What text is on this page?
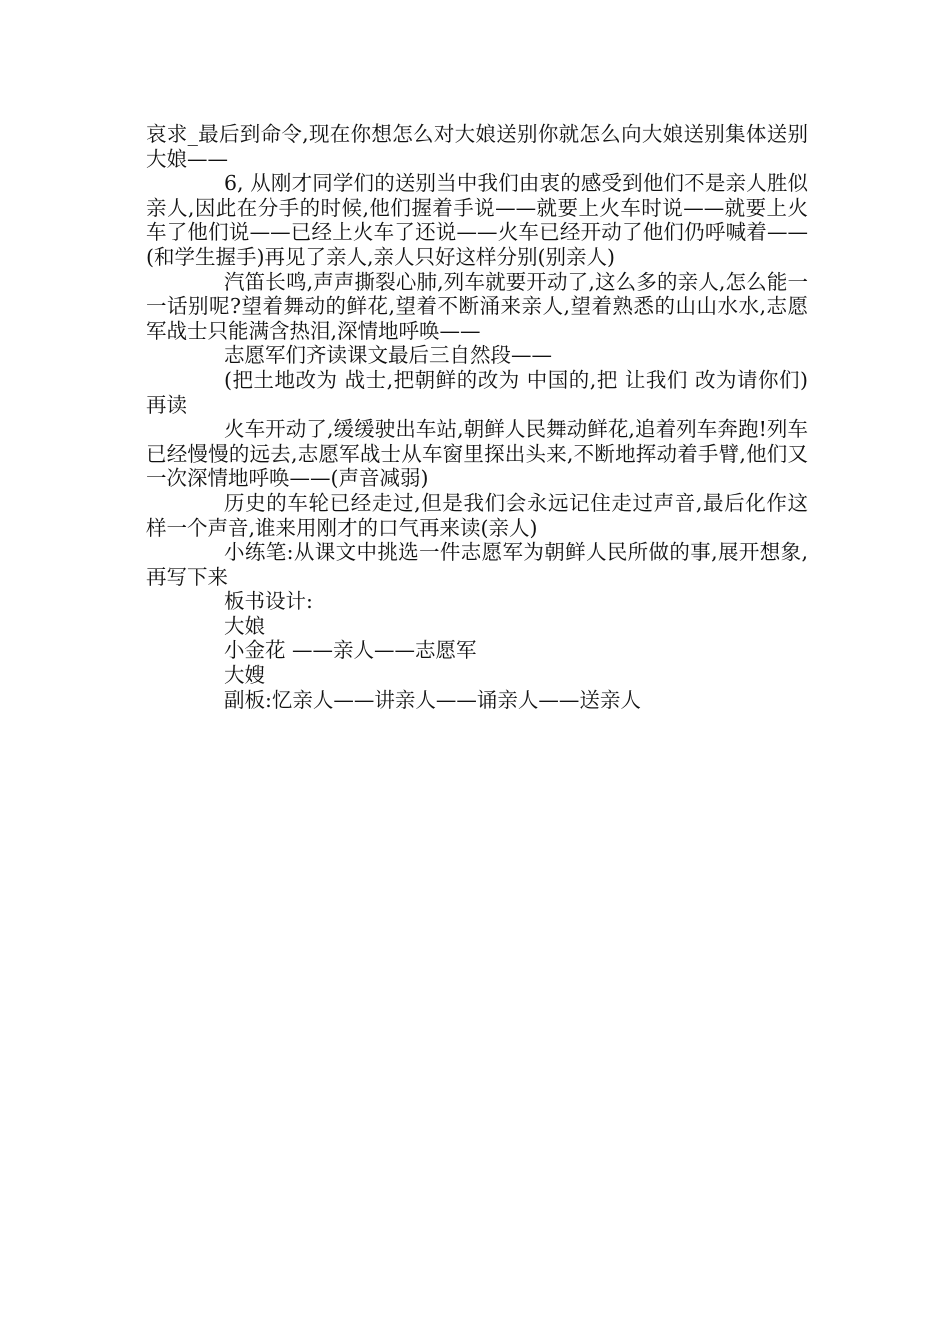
哀求_最后到命令,现在你想怎么对大娘送别你就怎么向大娘送别集体送别大娘——

6, 从刚才同学们的送别当中我们由衷的感受到他们不是亲人胜似亲人,因此在分手的时候,他们握着手说——就要上火车时说——就要上火车了他们说——已经上火车了还说——火车已经开动了他们仍呼喊着——(和学生握手)再见了亲人,亲人只好这样分别(别亲人)

汽笛长鸣,声声撕裂心肺,列车就要开动了,这么多的亲人,怎么能一一话别呢?望着舞动的鲜花,望着不断涌来亲人,望着熟悉的山山水水,志愿军战士只能满含热泪,深情地呼唤——

志愿军们齐读课文最后三自然段——

(把土地改为 战士,把朝鲜的改为 中国的,把 让我们 改为请你们)再读

火车开动了,缓缓驶出车站,朝鲜人民舞动鲜花,追着列车奔跑!列车已经慢慢的远去,志愿军战士从车窗里探出头来,不断地挥动着手臂,他们又一次深情地呼唤——(声音减弱)

历史的车轮已经走过,但是我们会永远记住走过声音,最后化作这样一个声音,谁来用刚才的口气再来读(亲人)

小练笔:从课文中挑选一件志愿军为朝鲜人民所做的事,展开想象,再写下来

板书设计:

大娘

小金花 ——亲人——志愿军

大嫂

副板:忆亲人——讲亲人——诵亲人——送亲人
